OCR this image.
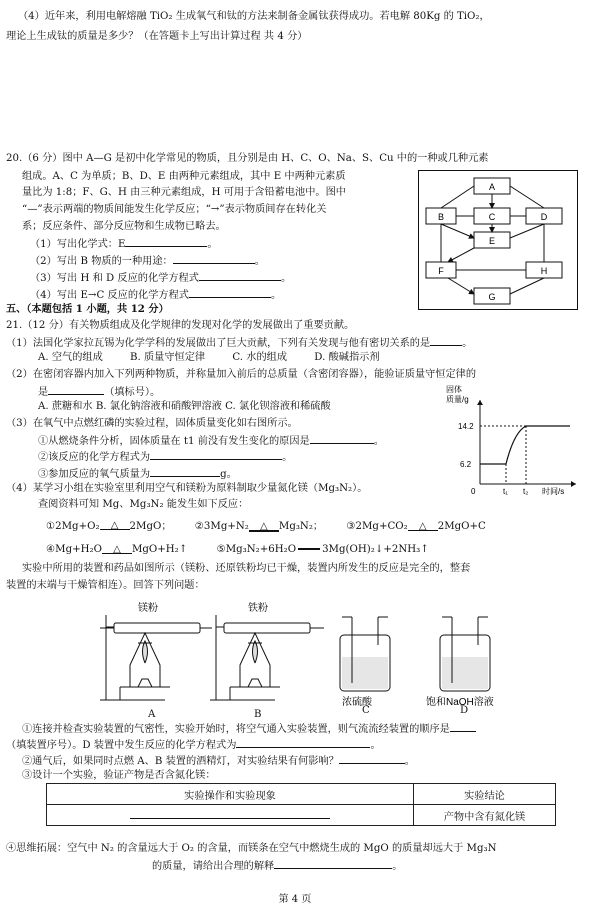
（4）近年来，利用电解熔融 TiO₂ 生成氧气和钛的方法来制备金属钛获得成功。若电解 80Kg 的 TiO₂，
理论上生成钛的质量是多少？（在答题卡上写出计算过程 共 4 分）
20.（6 分）图中 A—G 是初中化学常见的物质，且分别是由 H、C、O、Na、S、Cu 中的一种或几种元素
组成。A、C 为单质；B、D、E 由两种元素组成，其中 E 中两种元素质
量比为 1:8；F、G、H 由三种元素组成，H 可用于含铅蓄电池中。图中
“—”表示两端的物质间能发生化学反应；“→”表示物质间存在转化关
系；反应条件、部分反应物和生成物已略去。
（1）写出化学式：E	。
（2）写出 B 物质的一种用途：	。
（3）写出 H 和 D 反应的化学方程式	。
（4）写出 E→C 反应的化学方程式	。
A
B	C	D
E
F
G
H
五、（本题包括 1 小题，共 12 分）
21.（12 分）有关物质组成及化学规律的发现对化学的发展做出了重要贡献。
（1）法国化学家拉瓦锡为化学学科的发展做出了巨大贡献，下列有关发现与他有密切关系的是	。
A. 空气的组成	B. 质量守恒定律	C. 水的组成	D. 酸碱指示剂
（2）在密闭容器内加入下列两种物质，并称量加入前后的总质量（含密闭容器），能验证质量守恒定律的
是	（填标号）。
A. 蔗糖和水 B. 氯化钠溶液和硝酸钾溶液 C. 氯化钡溶液和稀硫酸
（3）在氧气中点燃红磷的实验过程，固体质量变化如右图所示。
①从燃烧条件分析，固体质量在 t1 前没有发生变化的原因是	。
②该反应的化学方程式为	。
③参加反应的氧气质量为	g。
（4）某学习小组在实验室里利用空气和镁粉为原料制取少量氮化镁（Mg₃N₂）。
查阅资料可知 Mg、Mg₃N₂ 能发生如下反应：
固体
质量/g
14.2
6.2
0	t₁ t₂ 时间/s
①2Mg+O₂ △ 2MgO； ②3Mg+N₂ △ Mg₃N₂； ③2Mg+CO₂ △ 2MgO+C
④Mg+H₂O △ MgO+H₂↑	⑤Mg₃N₂+6H₂O	3Mg(OH)₂↓+2NH₃↑
实验中所用的装置和药品如图所示（镁粉、还原铁粉均已干燥，装置内所发生的反应是完全的，整套
装置的末端与干燥管相连）。回答下列问题：
镁粉	铁粉
浓硫酸	饱和NaOH溶液
A	B	C	D
①连接并检查实验装置的气密性，实验开始时，将空气通入实验装置，则气流流经装置的顺序是
（填装置序号）。D 装置中发生反应的化学方程式为	。
②通气后，如果同时点燃 A、B 装置的酒精灯，对实验结果有何影响？	。
③设计一个实验，验证产物是否含氮化镁：
实验操作和实验现象	实验结论
	产物中含有氮化镁
④思维拓展：空气中 N₂ 的含量远大于 O₂ 的含量，而镁条在空气中燃烧生成的 MgO 的质量却远大于 Mg₃N
的质量，请给出合理的解释	。
第 4 页
